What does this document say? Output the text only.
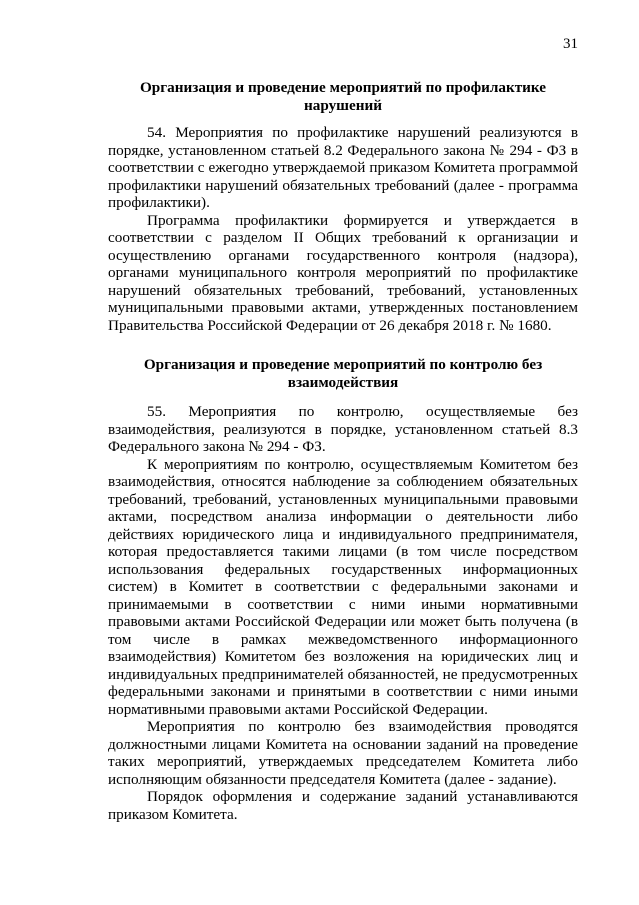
31
Организация и проведение мероприятий по профилактике нарушений

54. Мероприятия по профилактике нарушений реализуются в порядке, установленном статьей 8.2 Федерального закона № 294 - ФЗ в соответствии с ежегодно утверждаемой приказом Комитета программой профилактики нарушений обязательных требований (далее - программа профилактики).

Программа профилактики формируется и утверждается в соответствии с разделом II Общих требований к организации и осуществлению органами государственного контроля (надзора), органами муниципального контроля мероприятий по профилактике нарушений обязательных требований, требований, установленных муниципальными правовыми актами, утвержденных постановлением Правительства Российской Федерации от 26 декабря 2018 г. № 1680.

Организация и проведение мероприятий по контролю без взаимодействия

55. Мероприятия по контролю, осуществляемые без взаимодействия, реализуются в порядке, установленном статьей 8.3 Федерального закона № 294 - ФЗ.

К мероприятиям по контролю, осуществляемым Комитетом без взаимодействия, относятся наблюдение за соблюдением обязательных требований, требований, установленных муниципальными правовыми актами, посредством анализа информации о деятельности либо действиях юридического лица и индивидуального предпринимателя, которая предоставляется такими лицами (в том числе посредством использования федеральных государственных информационных систем) в Комитет в соответствии с федеральными законами и принимаемыми в соответствии с ними иными нормативными правовыми актами Российской Федерации или может быть получена (в том числе в рамках межведомственного информационного взаимодействия) Комитетом без возложения на юридических лиц и индивидуальных предпринимателей обязанностей, не предусмотренных федеральными законами и принятыми в соответствии с ними иными нормативными правовыми актами Российской Федерации.

Мероприятия по контролю без взаимодействия проводятся должностными лицами Комитета на основании заданий на проведение таких мероприятий, утверждаемых председателем Комитета либо исполняющим обязанности председателя Комитета (далее - задание).

Порядок оформления и содержание заданий устанавливаются приказом Комитета.
